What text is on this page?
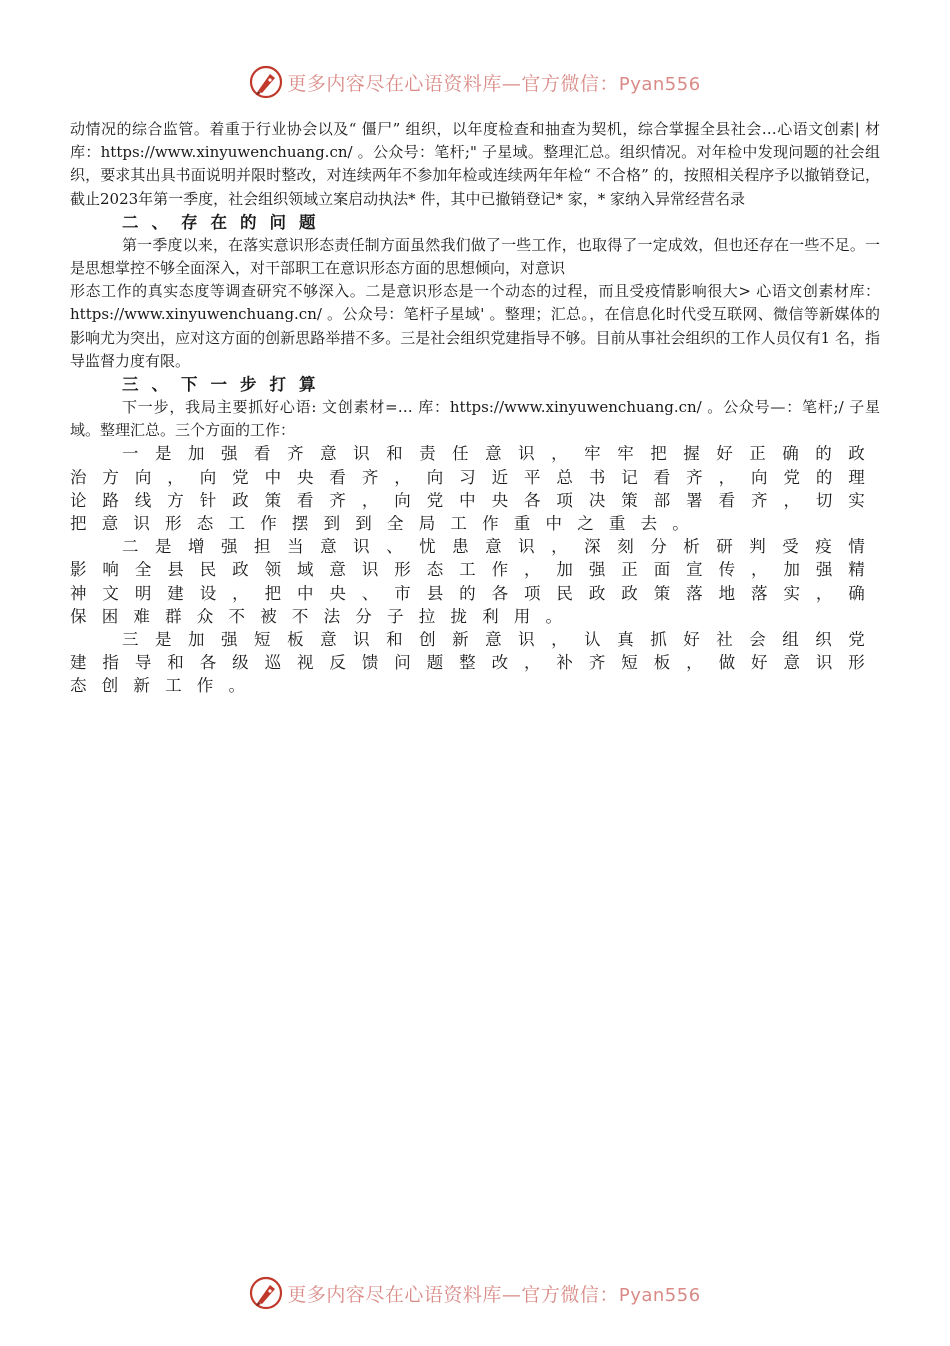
更多内容尽在心语资料库—官方微信：Pyan556

动情况的综合监管。着重于行业协会以及“ 僵尸” 组织，以年度检查和抽查为契机，综合掌握全县社会…心语文创素| 材库：https://www.xinyuwenchuang.cn/ 。公众号：笔杆;" 子星域。整理汇总。组织情况。对年检中发现问题的社会组织，要求其出具书面说明并限时整改，对连续两年不参加年检或连续两年年检“ 不合格” 的，按照相关程序予以撤销登记，截止2023年第一季度，社会组织领域立案启动执法* 件，其中已撤销登记* 家，* 家纳入异常经营名录

二、存在的问题

第一季度以来，在落实意识形态责任制方面虽然我们做了一些工作，也取得了一定成效，但也还存在一些不足。一是思想掌控不够全面深入，对干部职工在意识形态方面的思想倾向，对意识

形态工作的真实态度等调查研究不够深入。二是意识形态是一个动态的过程，而且受疫情影响很大> 心语文创素材库：https://www.xinyuwenchuang.cn/ 。公众号：笔杆子星域' 。整理；汇总。，在信息化时代受互联网、微信等新媒体的影响尤为突出，应对这方面的创新思路举措不多。三是社会组织党建指导不够。目前从事社会组织的工作人员仅有1 名，指导监督力度有限。

三、下一步打算

下一步，我局主要抓好心语: 文创素材=… 库：https://www.xinyuwenchuang.cn/ 。公众号—：笔杆;/ 子星域。整理汇总。三个方面的工作：

一是加强看齐意识和责任意识，牢牢把握好正确的政治方向，向党中央看齐，向习近平总书记看齐，向党的理论路线方针政策看齐，向党中央各项决策部署看齐，切实把意识形态工作摆到到全局工作重中之重去。

二是增强担当意识、忧患意识，深刻分析研判受疫情影响全县民政领域意识形态工作，加强正面宣传，加强精神文明建设，把中央、市县的各项民政政策落地落实，确保困难群众不被不法分子拉拢利用。

三是加强短板意识和创新意识，认真抓好社会组织党建指导和各级巡视反馈问题整改，补齐短板，做好意识形态创新工作。

更多内容尽在心语资料库—官方微信：Pyan556
